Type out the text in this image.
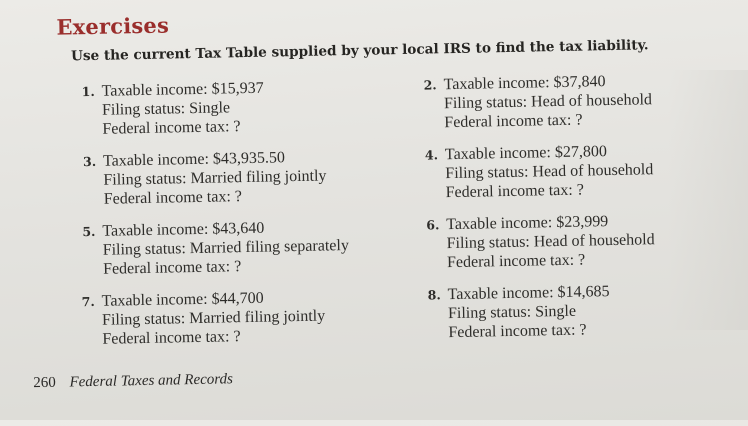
Exercises

Use the current Tax Table supplied by your local IRS to find the tax liability.

1. Taxable income: $15,937
Filing status: Single
Federal income tax: ?
2. Taxable income: $37,840
Filing status: Head of household
Federal income tax: ?
3. Taxable income: $43,935.50
Filing status: Married filing jointly
Federal income tax: ?
4. Taxable income: $27,800
Filing status: Head of household
Federal income tax: ?
5. Taxable income: $43,640
Filing status: Married filing separately
Federal income tax: ?
6. Taxable income: $23,999
Filing status: Head of household
Federal income tax: ?
7. Taxable income: $44,700
Filing status: Married filing jointly
Federal income tax: ?
8. Taxable income: $14,685
Filing status: Single
Federal income tax: ?
260 Federal Taxes and Records
